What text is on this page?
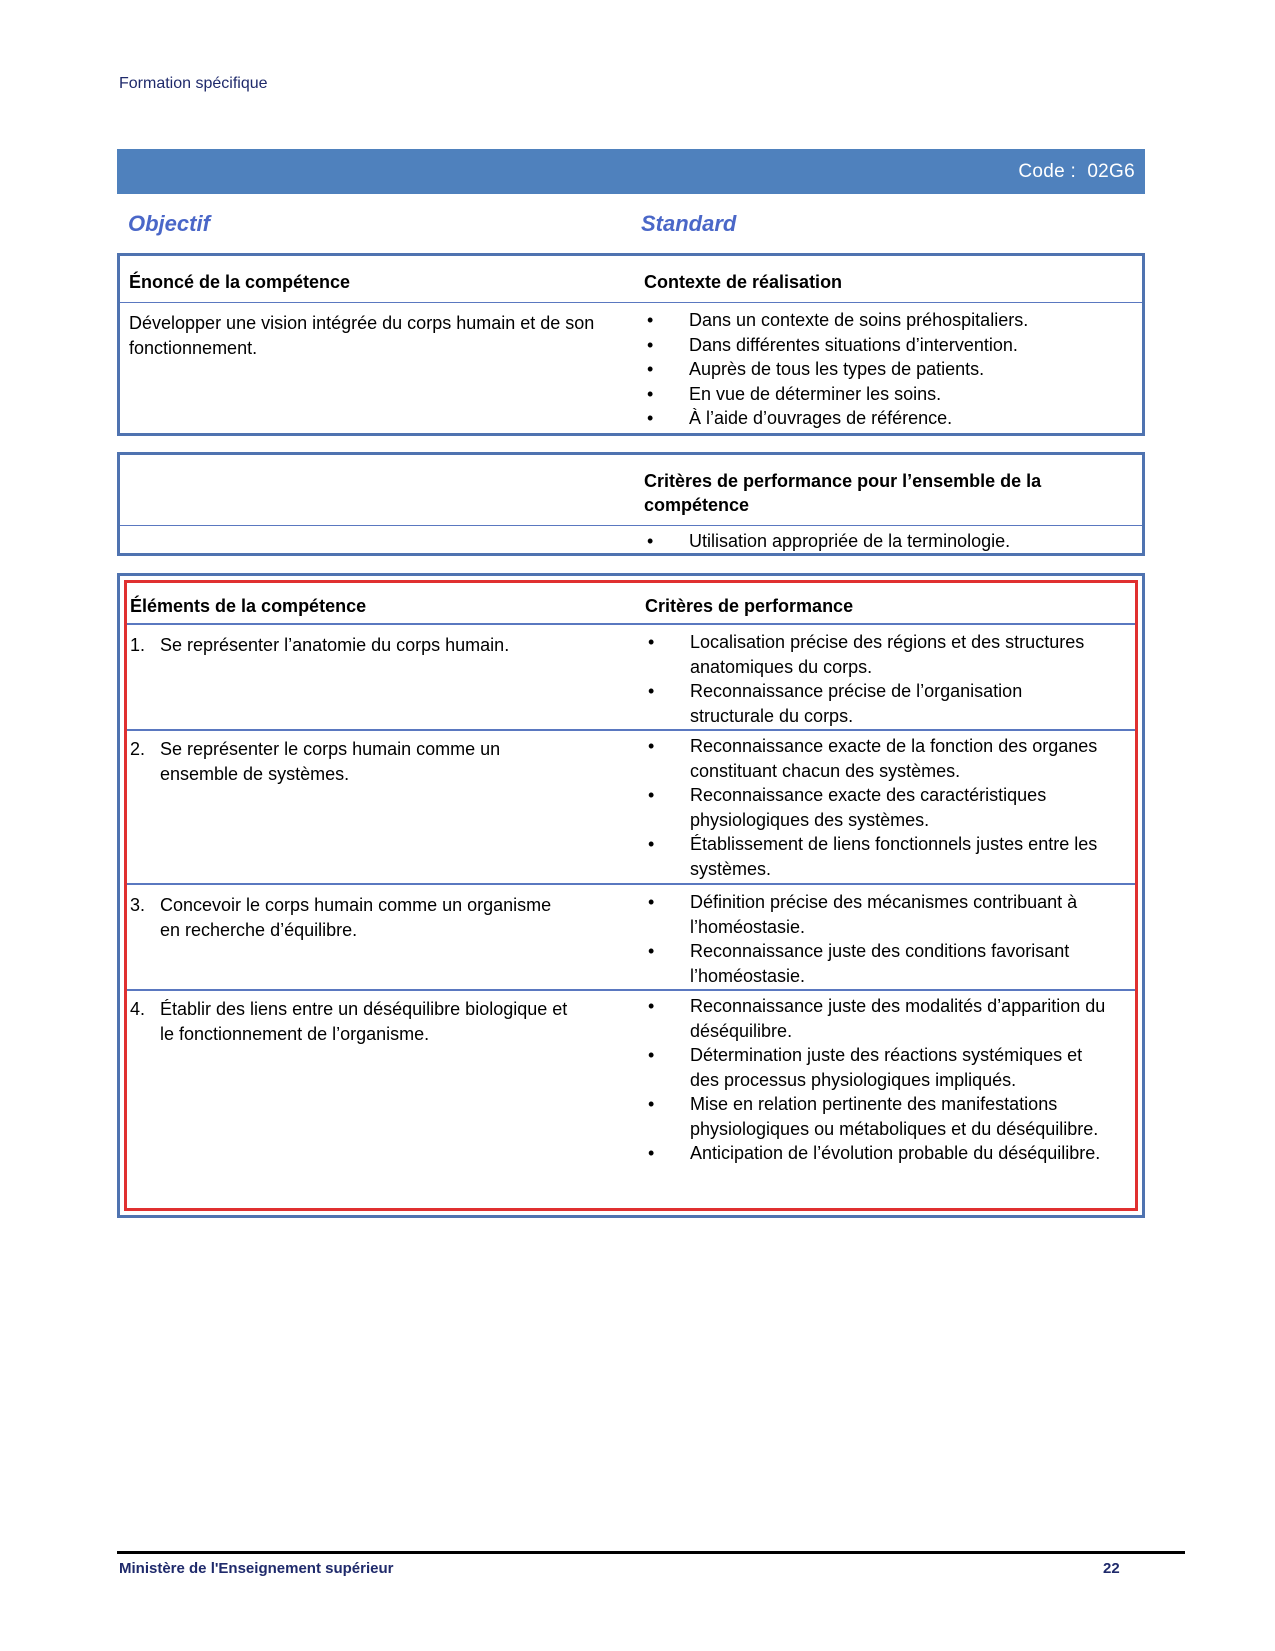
Formation spécifique
Code : 02G6
Objectif	Standard
Énoncé de la compétence	Contexte de réalisation
Développer une vision intégrée du corps humain et de son fonctionnement.
• Dans un contexte de soins préhospitaliers.
• Dans différentes situations d’intervention.
• Auprès de tous les types de patients.
• En vue de déterminer les soins.
• À l’aide d’ouvrages de référence.
Critères de performance pour l’ensemble de la compétence
• Utilisation appropriée de la terminologie.
Éléments de la compétence	Critères de performance
1. Se représenter l’anatomie du corps humain.	• Localisation précise des régions et des structures anatomiques du corps.
• Reconnaissance précise de l’organisation structurale du corps.
2. Se représenter le corps humain comme un ensemble de systèmes.
• Reconnaissance exacte de la fonction des organes constituant chacun des systèmes.
• Reconnaissance exacte des caractéristiques physiologiques des systèmes.
• Établissement de liens fonctionnels justes entre les systèmes.
3. Concevoir le corps humain comme un organisme en recherche d’équilibre.
• Définition précise des mécanismes contribuant à l’homéostasie.
• Reconnaissance juste des conditions favorisant l’homéostasie.
4. Établir des liens entre un déséquilibre biologique et le fonctionnement de l’organisme.
• Reconnaissance juste des modalités d’apparition du déséquilibre.
• Détermination juste des réactions systémiques et des processus physiologiques impliqués.
• Mise en relation pertinente des manifestations physiologiques ou métaboliques et du déséquilibre.
• Anticipation de l’évolution probable du déséquilibre.
Ministère de l'Enseignement supérieur	22
